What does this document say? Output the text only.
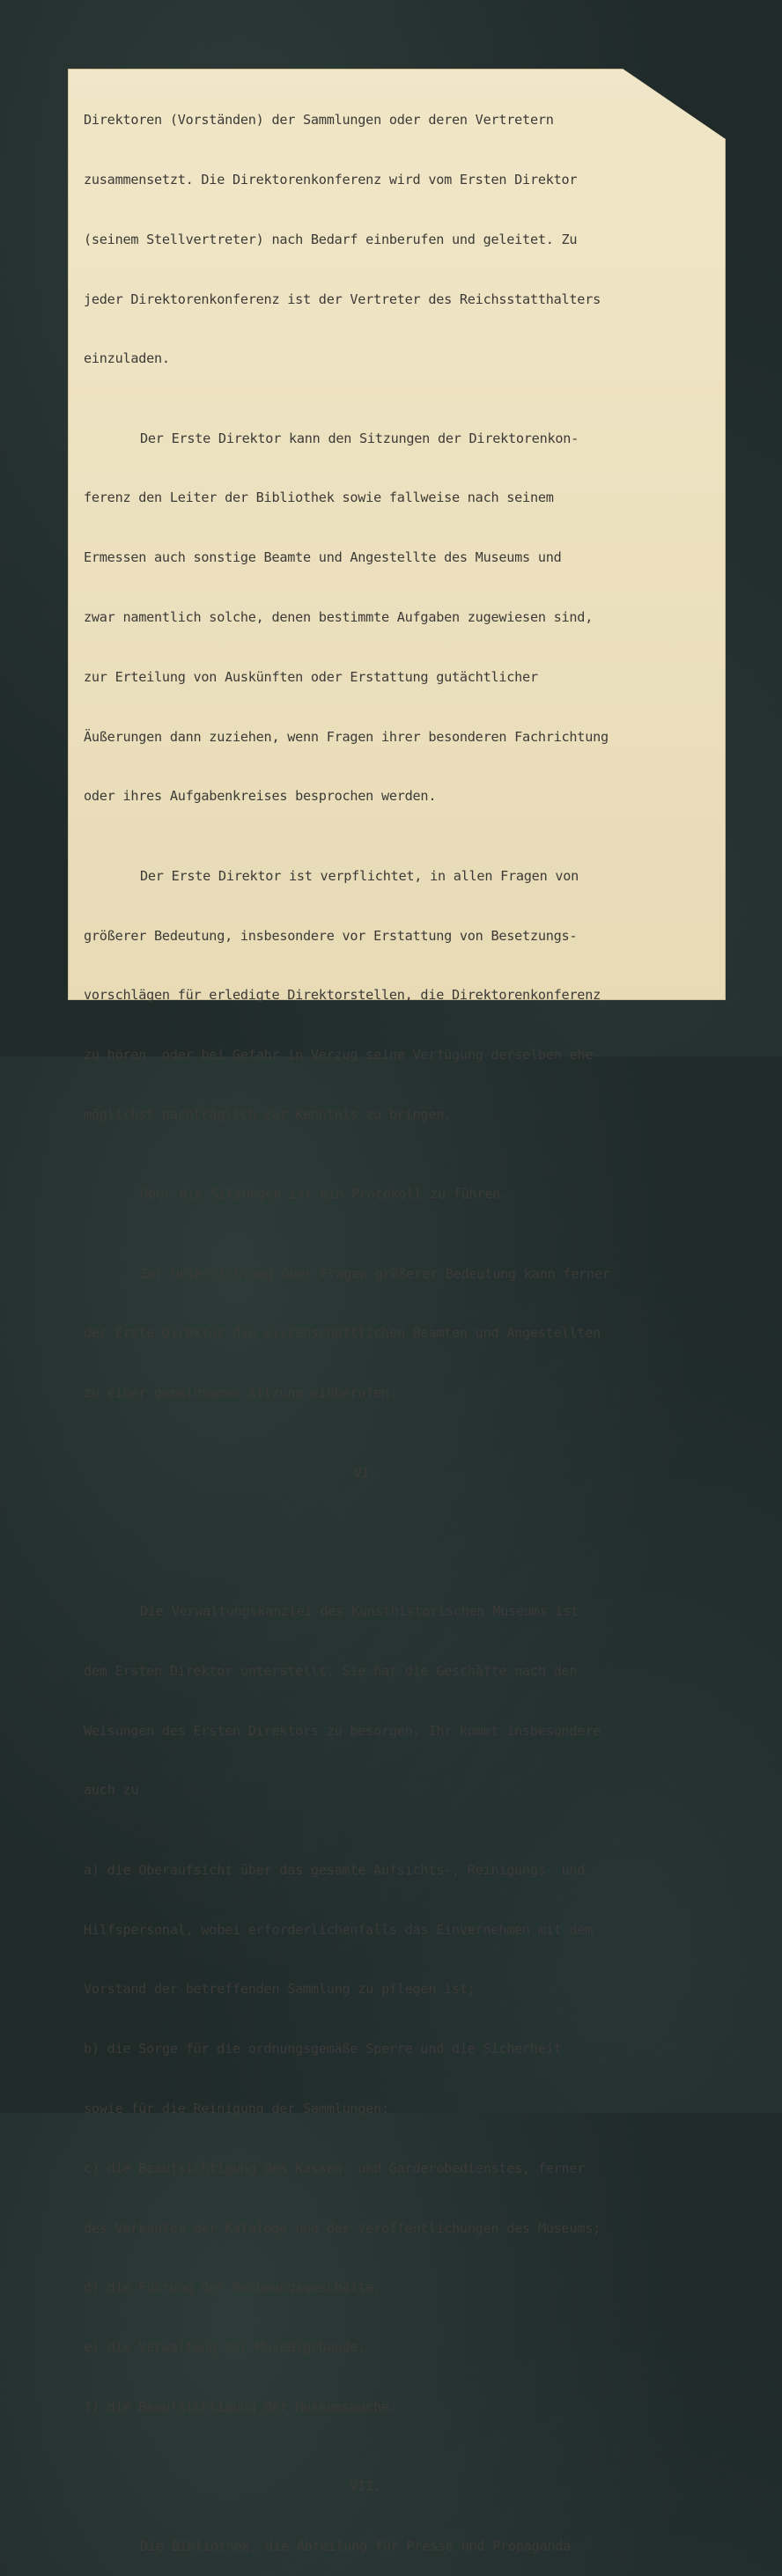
Direktoren (Vorständen) der Sammlungen oder deren Vertretern

zusammensetzt. Die Direktorenkonferenz wird vom Ersten Direktor

(seinem Stellvertreter) nach Bedarf einberufen und geleitet. Zu

jeder Direktorenkonferenz ist der Vertreter des Reichsstatthalters

einzuladen.

Der Erste Direktor kann den Sitzungen der Direktorenkon-

ferenz den Leiter der Bibliothek sowie fallweise nach seinem

Ermessen auch sonstige Beamte und Angestellte des Museums und

zwar namentlich solche, denen bestimmte Aufgaben zugewiesen sind,

zur Erteilung von Auskünften oder Erstattung gutächtlicher

Äußerungen dann zuziehen, wenn Fragen ihrer besonderen Fachrichtung

oder ihres Aufgabenkreises besprochen werden.

Der Erste Direktor ist verpflichtet, in allen Fragen von

größerer Bedeutung, insbesondere vor Erstattung von Besetzungs-

vorschlägen für erledigte Direktorstellen, die Direktorenkonferenz

zu hören  oder bei Gefahr in Verzug seine Verfügung derselben ehe-

möglichst nachträglich zur Kenntnis zu bringen.

Über die Sitzungen ist ein Protokoll zu führen.

Zur Unterrichtung über Fragen größerer Bedeutung kann ferner

der Erste Direktor die wissenschaftlichen Beamten und Angestellten

zu einer gemeinsamen Sitzung einberufen.

VI.

Die Verwaltungskanzlei des Kunsthistorischen Museums ist

dem Ersten Direktor unterstellt. Sie hat die Geschäfte nach den

Weisungen des Ersten Direktors zu besorgen. Ihr kommt insbesondere

auch zu

a) die Oberaufsicht über das gesamte Aufsichts-, Reinigungs- und

Hilfspersonal, wobei erforderlichenfalls das Einvernehmen mit dem

Vorstand der betreffenden Sammlung zu pflegen ist;

b) die Sorge für die ordnungsgemäße Sperre und die Sicherheit

sowie für die Reinigung der Sammlungen;

c) die Beaufsichtigung des Kassen- und Garderobedienstes, ferner

des Verkaufes der Kataloge und der Veröffentlichungen des Museums;

d) die Führung der Rechnungsgeschäfte,

e) die Verwaltung der Musealgebäude,

f) die Beaufsichtigung der Museumswache.

VII.

Die Bibliothek, die Abteilung für Presse und Propaganda
